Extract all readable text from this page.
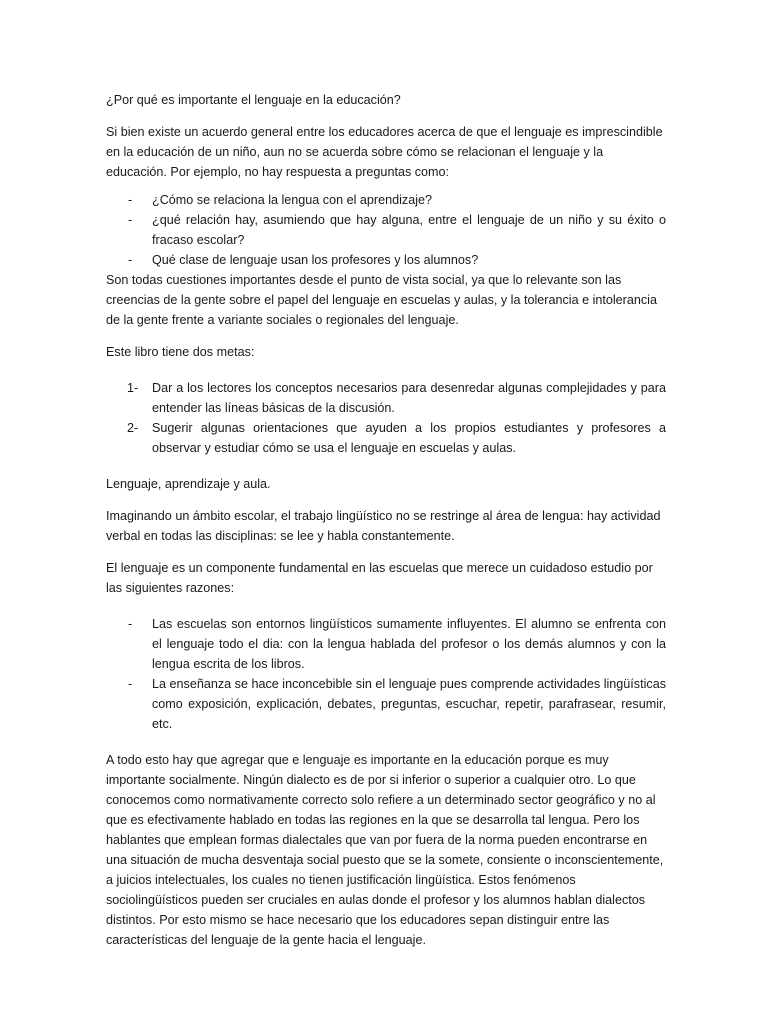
¿Por qué es importante el lenguaje en la educación?

Si bien existe un acuerdo general entre los educadores acerca de que el lenguaje es imprescindible en la educación de un niño, aun no se acuerda sobre cómo se relacionan el lenguaje y la educación. Por ejemplo, no hay respuesta a preguntas como:

- ¿Cómo se relaciona la lengua con el aprendizaje?
- ¿qué relación hay, asumiendo que hay alguna, entre el lenguaje de un niño y su éxito o fracaso escolar?
- Qué clase de lenguaje usan los profesores y los alumnos?

Son todas cuestiones importantes desde el punto de vista social, ya que lo relevante son las creencias de la gente sobre el papel del lenguaje en escuelas y aulas, y la tolerancia e intolerancia de la gente frente a variante sociales o regionales del lenguaje.

Este libro tiene dos metas:

1- Dar a los lectores los conceptos necesarios para desenredar algunas complejidades y para entender las líneas básicas de la discusión.
2- Sugerir algunas orientaciones que ayuden a los propios estudiantes y profesores a observar y estudiar cómo se usa el lenguaje en escuelas y aulas.

Lenguaje, aprendizaje y aula.

Imaginando un ámbito escolar, el trabajo lingüístico no se restringe al área de lengua: hay actividad verbal en todas las disciplinas: se lee y habla constantemente.

El lenguaje es un componente fundamental en las escuelas que merece un cuidadoso estudio por las siguientes razones:

- Las escuelas son entornos lingüísticos sumamente influyentes. El alumno se enfrenta con el lenguaje todo el dia: con la lengua hablada del profesor o los demás alumnos y con la lengua escrita de los libros.
- La enseñanza se hace inconcebible sin el lenguaje pues comprende actividades lingüísticas como exposición, explicación, debates, preguntas, escuchar, repetir, parafrasear, resumir, etc.

A todo esto hay que agregar que e lenguaje es importante en la educación porque es muy importante socialmente. Ningún dialecto es de por si inferior o superior a cualquier otro. Lo que conocemos como normativamente correcto solo refiere a un determinado sector geográfico y no al que es efectivamente hablado en todas las regiones en la que se desarrolla tal lengua. Pero los hablantes que emplean formas dialectales que van por fuera de la norma pueden encontrarse en una situación de mucha desventaja social puesto que se la somete, consiente o inconscientemente, a juicios intelectuales, los cuales no tienen justificación lingüística. Estos fenómenos sociolingüísticos pueden ser cruciales en aulas donde el profesor y los alumnos hablan dialectos distintos. Por esto mismo se hace necesario que los educadores sepan distinguir entre las características del lenguaje de la gente hacia el lenguaje.
